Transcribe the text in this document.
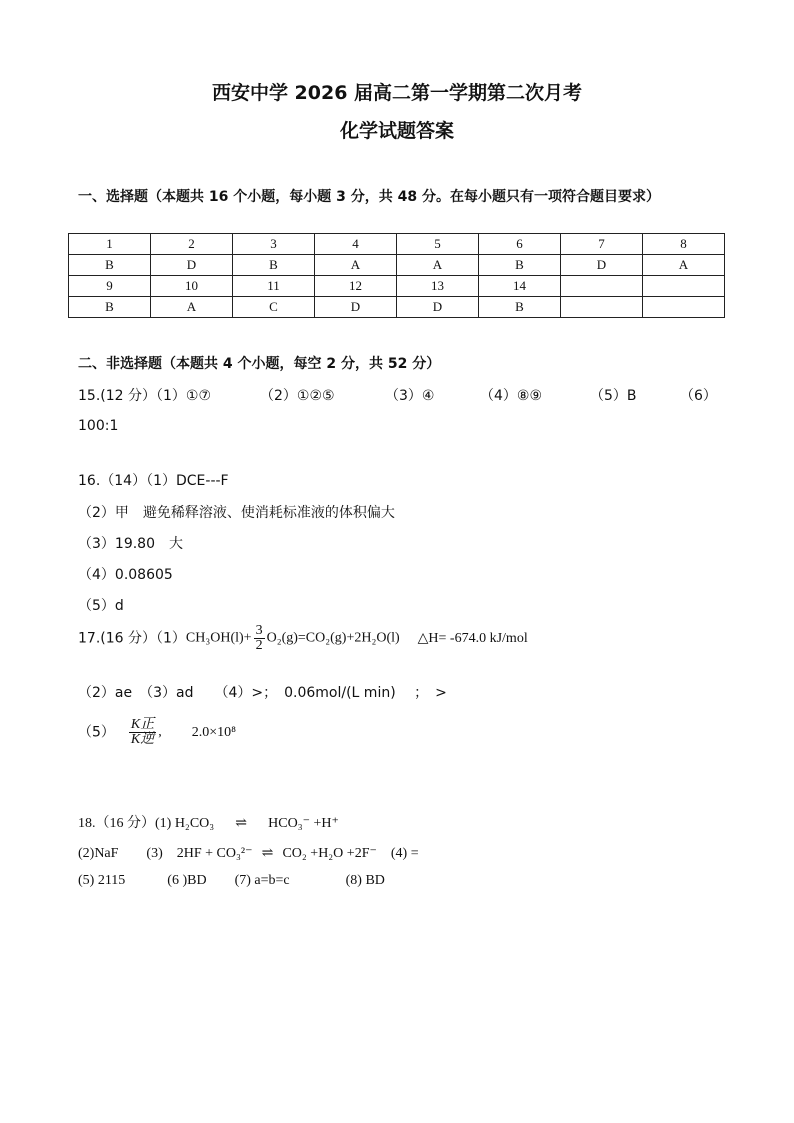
西安中学 2026 届高二第一学期第二次月考
化学试题答案
一、选择题（本题共 16 个小题，每小题 3 分，共 48 分。在每小题只有一项符合题目要求）
1	2	3	4	5	6	7	8
B	D	B	A	A	B	D	A
9	10	11	12	13	14		
B	A	C	D	D	B		
二、非选择题（本题共 4 个小题，每空 2 分，共 52 分）
15.(12 分）（1）①⑦	（2）①②⑤	（3）④	（4）⑧⑨	（5）B	（6）
100:1
16.（14）（1）DCE---F
（2）甲　避免稀释溶液、使消耗标准液的体积偏大
（3）19.80　大
（4）0.08605
（5）d
17.(16 分）$(1)CH_3OH(l)+ \frac{3}{2} O_2(g)=CO_2(g)+2H_2O(l)$ △H= -674.0 kJ/mol
（2）ae　（3）ad　　（4）>；　0.06mol/(L min)　 ；　>
$(5) \frac{\text{K正}}{\text{K逆}}$ , 2.0×10⁸
18.（16 分）(1) H₂CO₃ ⇌ HCO₃⁻ +H⁺
(2)NaF　　(3)　2HF + CO₃²⁻ ⇌ CO₂ +H₂O +2F⁻　(4) =
(5) 2115　　　(6 )BD　　(7) a=b=c　　　　(8) BD
